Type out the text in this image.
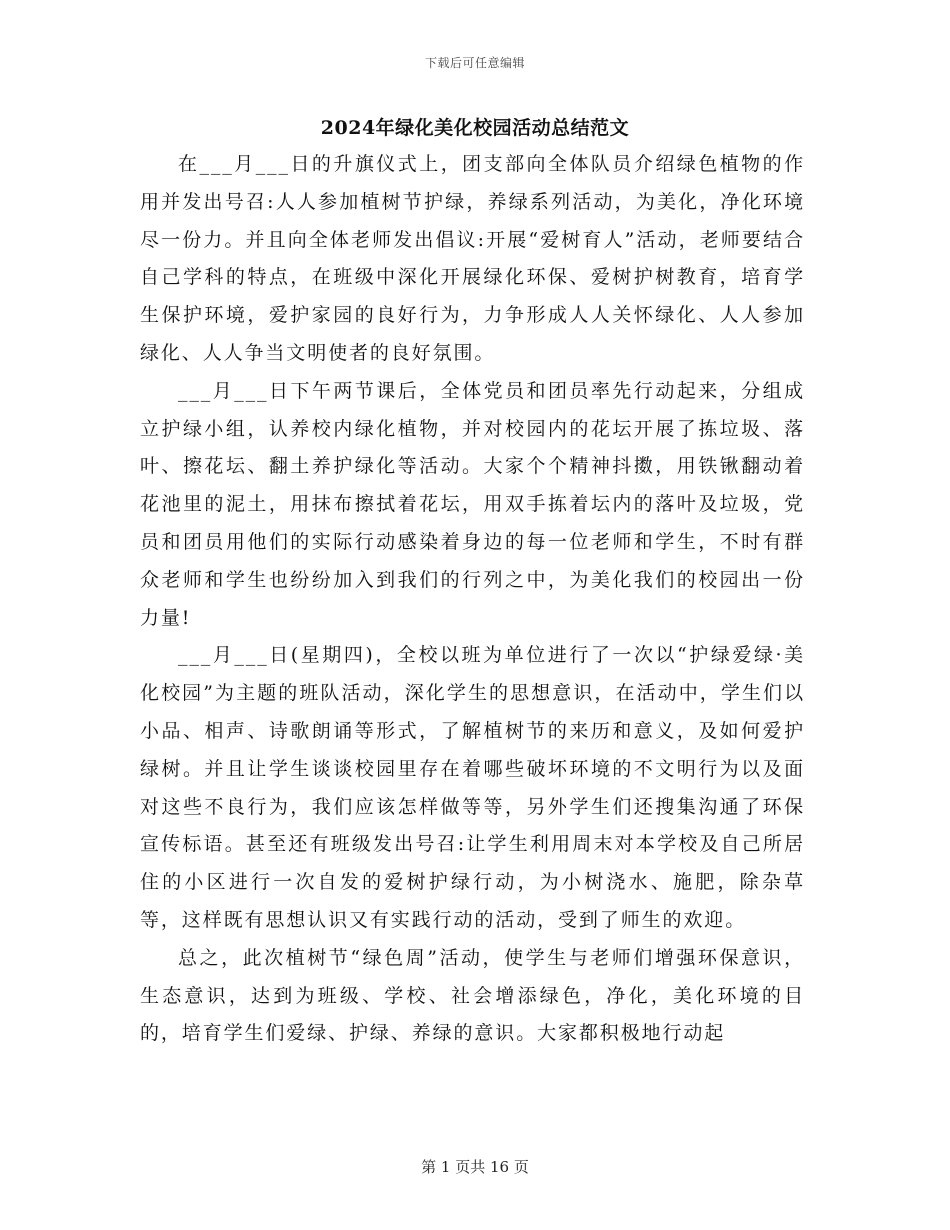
下载后可任意编辑
2024年绿化美化校园活动总结范文

在___月___日的升旗仪式上，团支部向全体队员介绍绿色植物的作用并发出号召:人人参加植树节护绿，养绿系列活动，为美化，净化环境尽一份力。并且向全体老师发出倡议:开展“爱树育人”活动，老师要结合自己学科的特点，在班级中深化开展绿化环保、爱树护树教育，培育学生保护环境，爱护家园的良好行为，力争形成人人关怀绿化、人人参加绿化、人人争当文明使者的良好氛围。

___月___日下午两节课后，全体党员和团员率先行动起来，分组成立护绿小组，认养校内绿化植物，并对校园内的花坛开展了拣垃圾、落叶、擦花坛、翻土养护绿化等活动。大家个个精神抖擞，用铁锹翻动着花池里的泥土，用抹布擦拭着花坛，用双手拣着坛内的落叶及垃圾，党员和团员用他们的实际行动感染着身边的每一位老师和学生，不时有群众老师和学生也纷纷加入到我们的行列之中，为美化我们的校园出一份力量!

___月___日(星期四)，全校以班为单位进行了一次以“护绿爱绿·美化校园”为主题的班队活动，深化学生的思想意识，在活动中，学生们以小品、相声、诗歌朗诵等形式，了解植树节的来历和意义，及如何爱护绿树。并且让学生谈谈校园里存在着哪些破坏环境的不文明行为以及面对这些不良行为，我们应该怎样做等等，另外学生们还搜集沟通了环保宣传标语。甚至还有班级发出号召:让学生利用周末对本学校及自己所居住的小区进行一次自发的爱树护绿行动，为小树浇水、施肥，除杂草等，这样既有思想认识又有实践行动的活动，受到了师生的欢迎。

总之，此次植树节“绿色周”活动，使学生与老师们增强环保意识，生态意识，达到为班级、学校、社会增添绿色，净化，美化环境的目的，培育学生们爱绿、护绿、养绿的意识。大家都积极地行动起

第 1 页共 16 页
